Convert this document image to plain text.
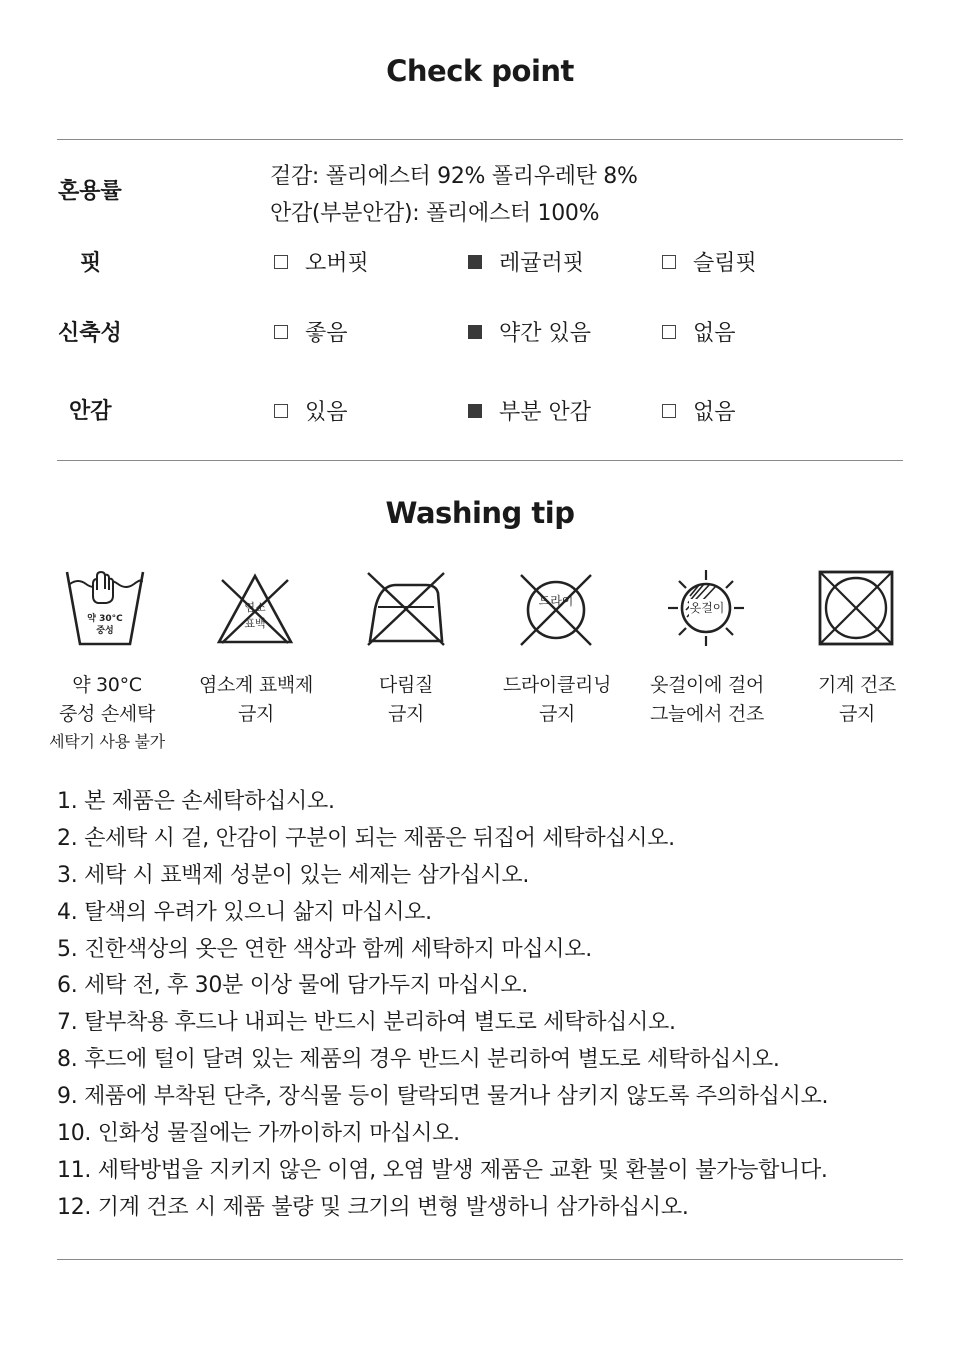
Check point
혼용률
겉감: 폴리에스터 92% 폴리우레탄 8%
안감(부분안감): 폴리에스터 100%
핏	오버핏	레귤러핏	슬림핏
신축성	좋음	약간 있음	없음
안감	있음	부분 안감	없음
Washing tip
약 30°C
중성
염소
표백
드라이	옷걸이
약 30°C
중성 손세탁
세탁기 사용 불가
염소계 표백제
금지
다림질
금지
드라이클리닝
금지
옷걸이에 걸어
그늘에서 건조
기계 건조
금지
1. 본 제품은 손세탁하십시오.
2. 손세탁 시 겉, 안감이 구분이 되는 제품은 뒤집어 세탁하십시오.
3. 세탁 시 표백제 성분이 있는 세제는 삼가십시오.
4. 탈색의 우려가 있으니 삶지 마십시오.
5. 진한색상의 옷은 연한 색상과 함께 세탁하지 마십시오.
6. 세탁 전, 후 30분 이상 물에 담가두지 마십시오.
7. 탈부착용 후드나 내피는 반드시 분리하여 별도로 세탁하십시오.
8. 후드에 털이 달려 있는 제품의 경우 반드시 분리하여 별도로 세탁하십시오.
9. 제품에 부착된 단추, 장식물 등이 탈락되면 물거나 삼키지 않도록 주의하십시오.
10. 인화성 물질에는 가까이하지 마십시오.
11. 세탁방법을 지키지 않은 이염, 오염 발생 제품은 교환 및 환불이 불가능합니다.
12. 기계 건조 시 제품 불량 및 크기의 변형 발생하니 삼가하십시오.
